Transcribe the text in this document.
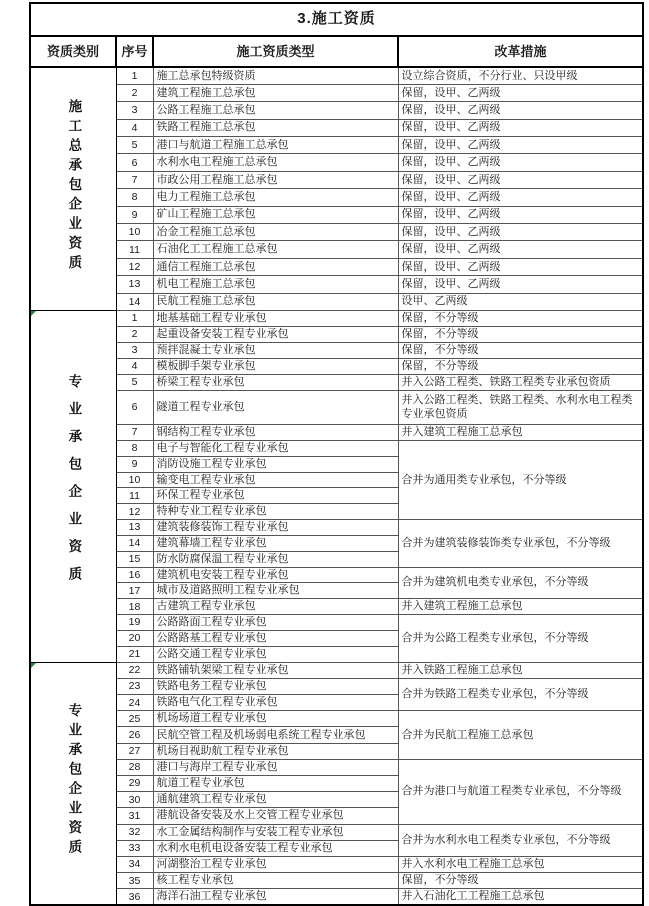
3.施工资质			
资质类别	序号	施工资质类型	改革措施
施工总承包企业资质	1	施工总承包特级资质	设立综合资质，不分行业、只设甲级
	2	建筑工程施工总承包	保留，设甲、乙两级
	3	公路工程施工总承包	保留，设甲、乙两级
	4	铁路工程施工总承包	保留，设甲、乙两级
	5	港口与航道工程施工总承包	保留，设甲、乙两级
	6	水利水电工程施工总承包	保留，设甲、乙两级
	7	市政公用工程施工总承包	保留，设甲、乙两级
	8	电力工程施工总承包	保留，设甲、乙两级
	9	矿山工程施工总承包	保留，设甲、乙两级
	10	冶金工程施工总承包	保留，设甲、乙两级
	11	石油化工工程施工总承包	保留，设甲、乙两级
	12	通信工程施工总承包	保留，设甲、乙两级
	13	机电工程施工总承包	保留，设甲、乙两级
	14	民航工程施工总承包	设甲、乙两级

专业承包企业资质	1	地基基础工程专业承包	保留，不分等级
	2	起重设备安装工程专业承包	保留，不分等级
	3	预拌混凝土专业承包	保留，不分等级
	4	模板脚手架专业承包	保留，不分等级
	5	桥梁工程专业承包	并入公路工程类、铁路工程类专业承包资质
	6	隧道工程专业承包	并入公路工程类、铁路工程类、水利水电工程类专业承包资质
	7	钢结构工程专业承包	并入建筑工程施工总承包
	8	电子与智能化工程专业承包	合并为通用类专业承包，不分等级
	9	消防设施工程专业承包	
	10	输变电工程专业承包	
	11	环保工程专业承包	
	12	特种专业工程专业承包	
	13	建筑装修装饰工程专业承包	合并为建筑装修装饰类专业承包，不分等级
	14	建筑幕墙工程专业承包	
	15	防水防腐保温工程专业承包	
	16	建筑机电安装工程专业承包	合并为建筑机电类专业承包，不分等级
	17	城市及道路照明工程专业承包	
	18	古建筑工程专业承包	并入建筑工程施工总承包
	19	公路路面工程专业承包	合并为公路工程类专业承包，不分等级
	20	公路路基工程专业承包	
	21	公路交通工程专业承包	

专业承包企业资质	22	铁路铺轨架梁工程专业承包	并入铁路工程施工总承包
	23	铁路电务工程专业承包	合并为铁路工程类专业承包，不分等级
	24	铁路电气化工程专业承包	
	25	机场场道工程专业承包	合并为民航工程施工总承包
	26	民航空管工程及机场弱电系统工程专业承包	
	27	机场目视助航工程专业承包	
	28	港口与海岸工程专业承包	合并为港口与航道工程类专业承包，不分等级
	29	航道工程专业承包	
	30	通航建筑工程专业承包	
	31	港航设备安装及水上交管工程专业承包	
	32	水工金属结构制作与安装工程专业承包	合并为水利水电工程类专业承包，不分等级
	33	水利水电机电设备安装工程专业承包	
	34	河湖整治工程专业承包	并入水利水电工程施工总承包
	35	核工程专业承包	保留，不分等级
	36	海洋石油工程专业承包	并入石油化工工程施工总承包
